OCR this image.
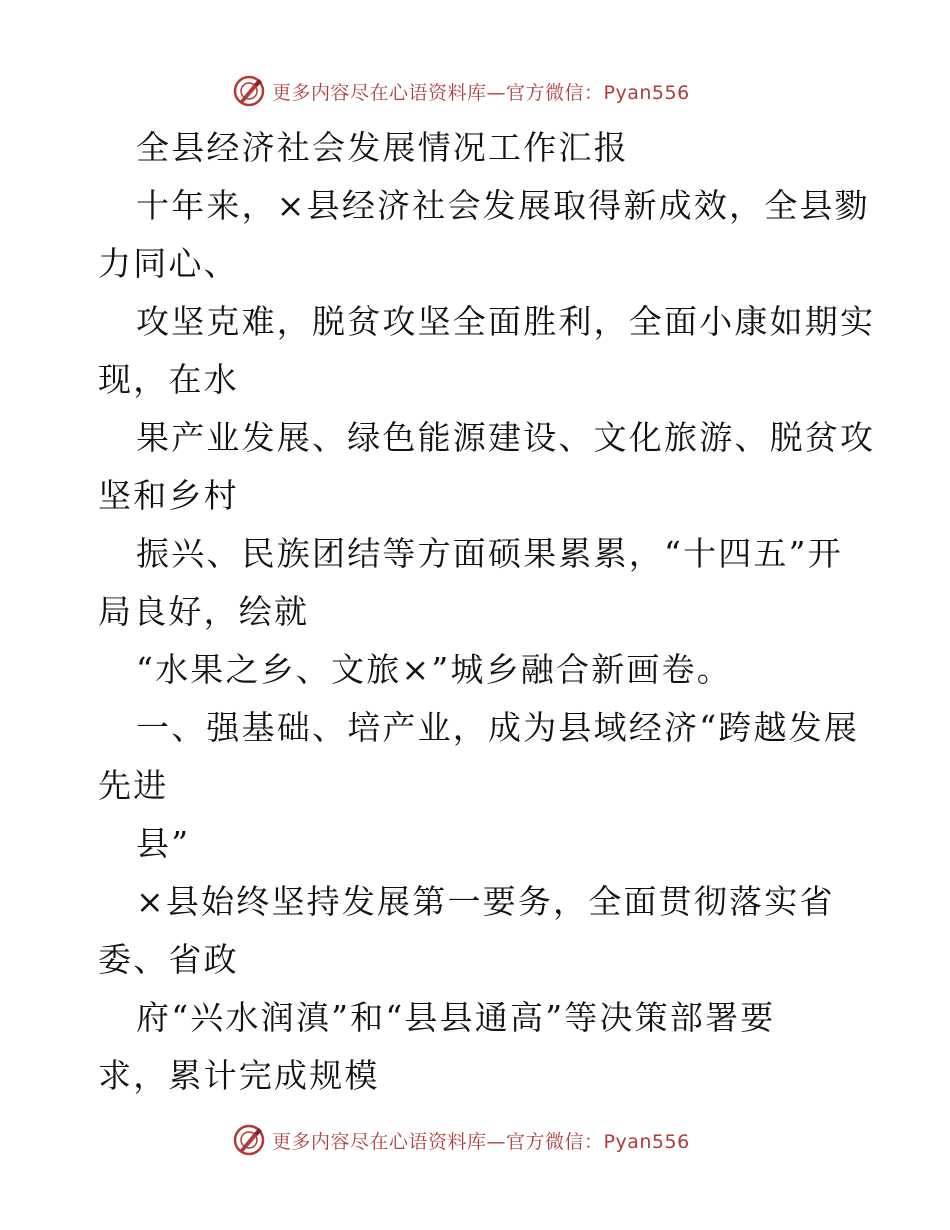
更多内容尽在心语资料库—官方微信：Pyan556
全县经济社会发展情况工作汇报
十年来，×县经济社会发展取得新成效，全县勠
力同心、
攻坚克难，脱贫攻坚全面胜利，全面小康如期实
现，在水
果产业发展、绿色能源建设、文化旅游、脱贫攻
坚和乡村
振兴、民族团结等方面硕果累累，“十四五”开
局良好，绘就
“水果之乡、文旅×”城乡融合新画卷。
一、强基础、培产业，成为县域经济“跨越发展
先进
县”
×县始终坚持发展第一要务，全面贯彻落实省
委、省政
府“兴水润滇”和“县县通高”等决策部署要
求，累计完成规模
更多内容尽在心语资料库—官方微信：Pyan556
